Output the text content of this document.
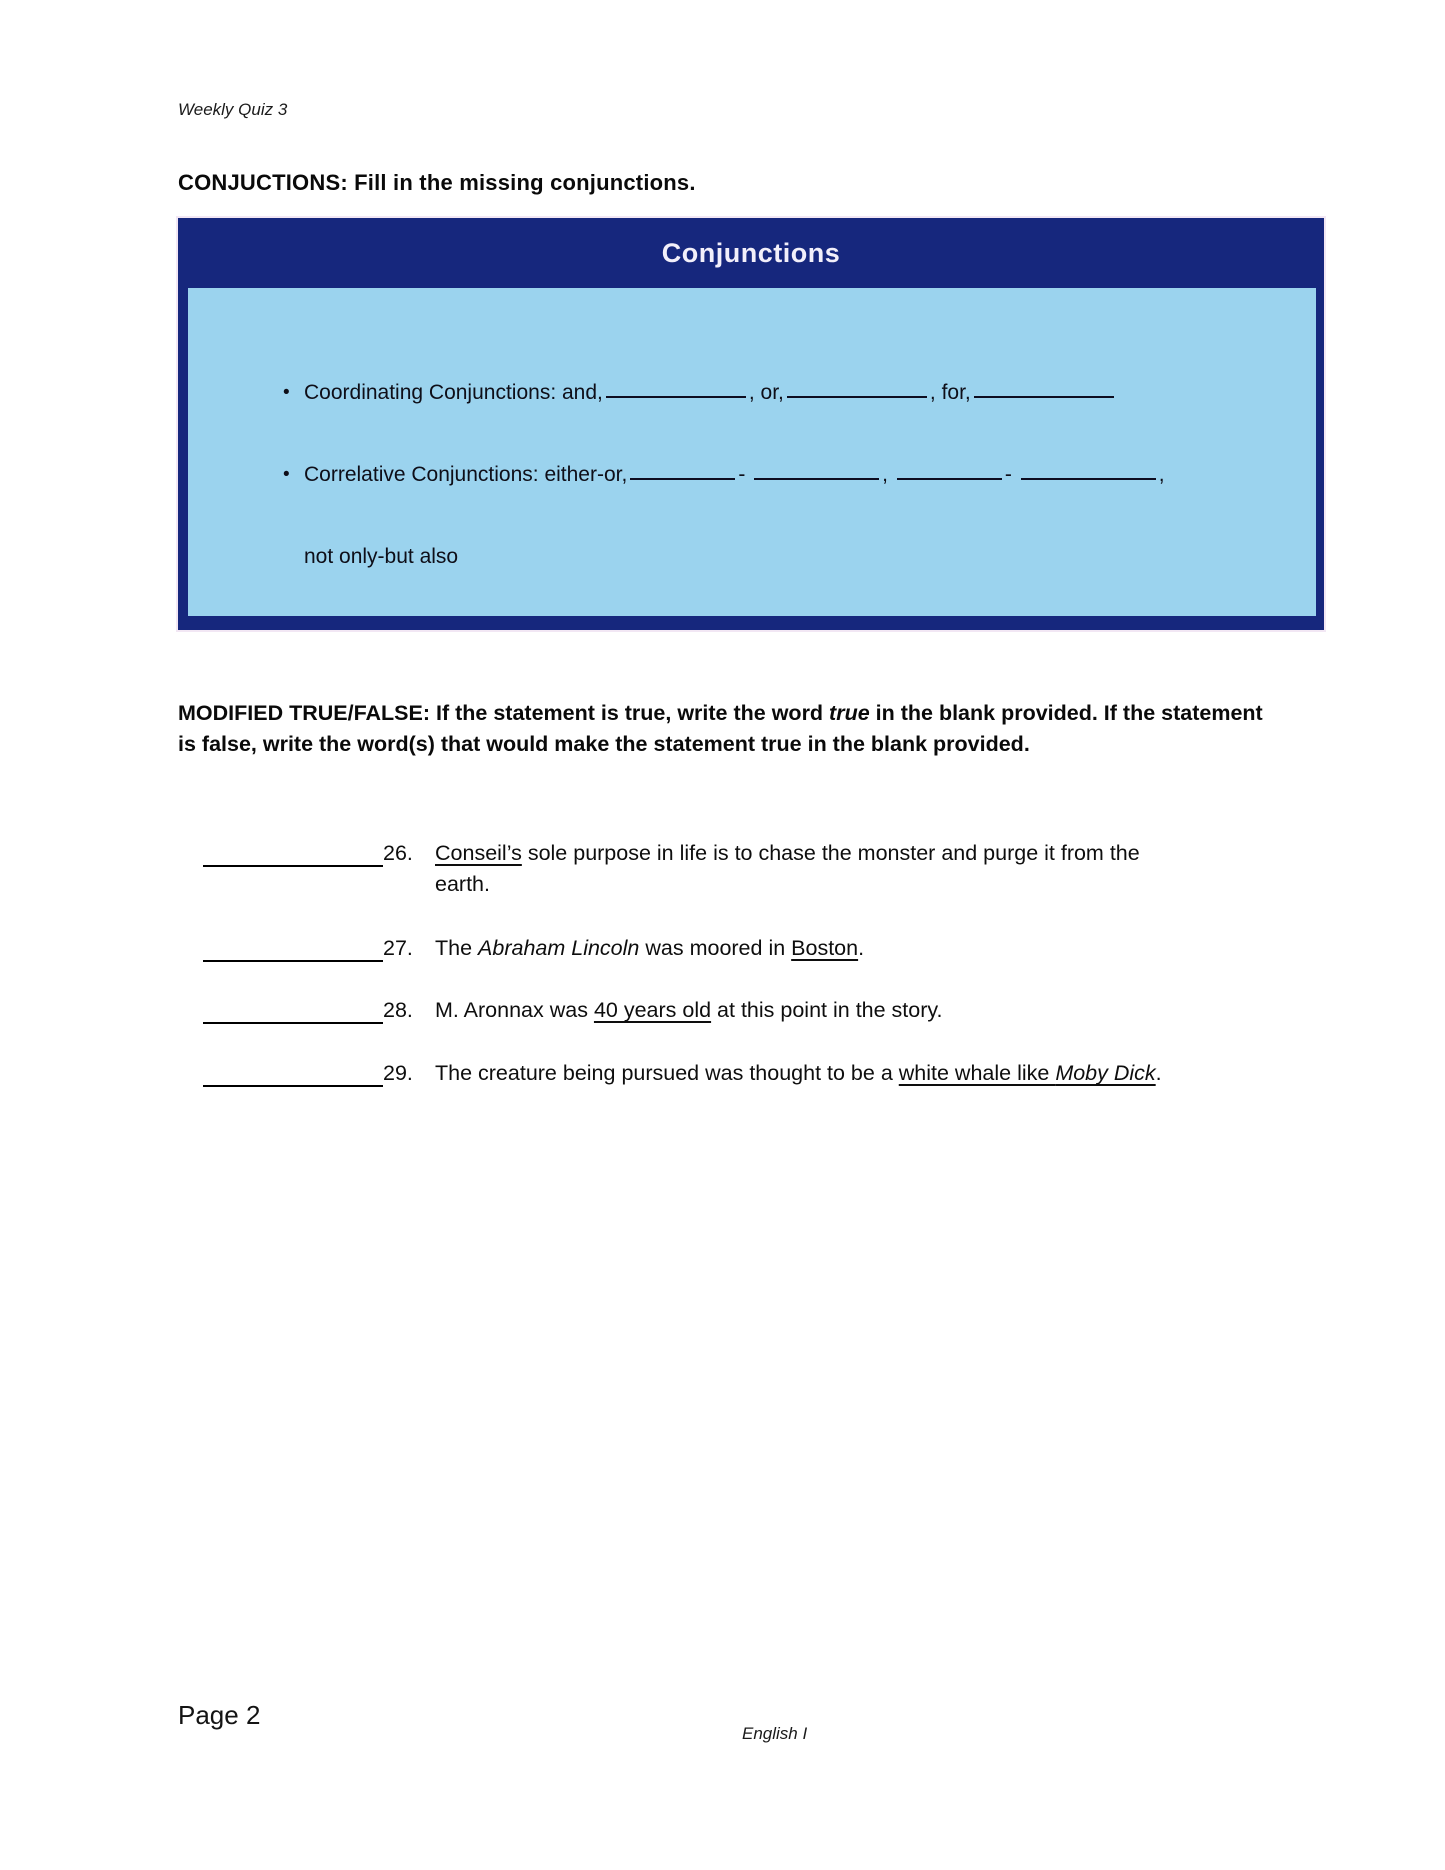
Weekly Quiz 3
CONJUCTIONS: Fill in the missing conjunctions.
Conjunctions
• Coordinating Conjunctions: and,	, or,	, for,
• Correlative Conjunctions: either-or,	-	,	-	,
not only-but also
MODIFIED TRUE/FALSE: If the statement is true, write the word true in the blank provided. If the statement is false, write the word(s) that would make the statement true in the blank provided.
26.	Conseil’s sole purpose in life is to chase the monster and purge it from the
earth.
27.	The Abraham Lincoln was moored in Boston.
28.	M. Aronnax was 40 years old at this point in the story.
29.	The creature being pursued was thought to be a white whale like Moby Dick.
Page 2
English I
